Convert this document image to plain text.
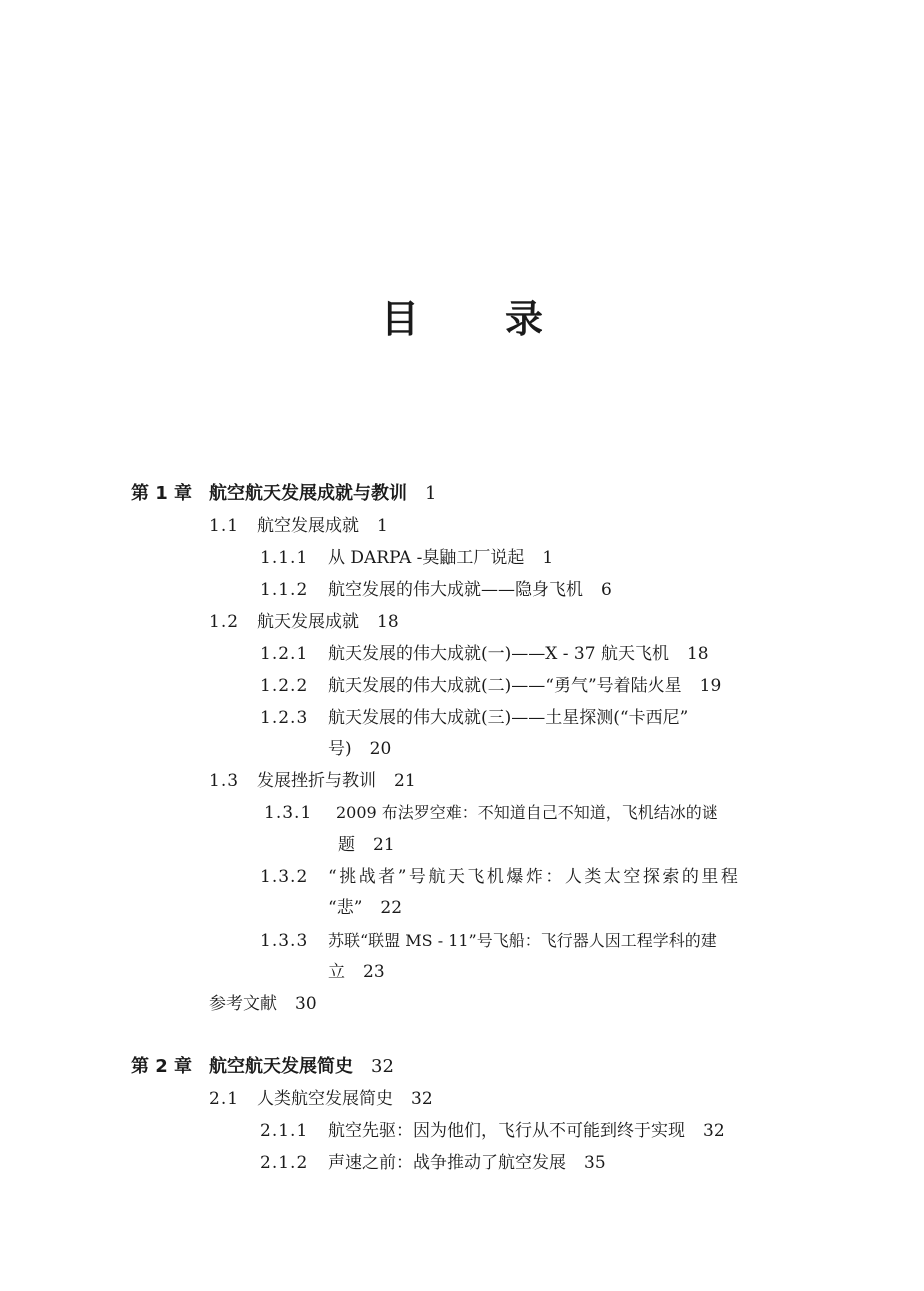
目 录
第 1 章 航空航天发展成就与教训 1
1.1 航空发展成就 1
1.1.1 从 DARPA -臭鼬工厂说起 1
1.1.2 航空发展的伟大成就——隐身飞机 6
1.2 航天发展成就 18
1.2.1 航天发展的伟大成就(一)——X - 37 航天飞机 18
1.2.2 航天发展的伟大成就(二)——“勇气”号着陆火星 19
1.2.3 航天发展的伟大成就(三)——土星探测(“卡西尼”
号) 20
1.3 发展挫折与教训 21
1.3.1 2009 布法罗空难：不知道自己不知道，飞机结冰的谜
题 21
1.3.2 “挑战者”号航天飞机爆炸：人类太空探索的里程
“悲” 22
1.3.3 苏联“联盟 MS - 11”号飞船：飞行器人因工程学科的建
立 23
参考文献 30
第 2 章 航空航天发展简史 32
2.1 人类航空发展简史 32
2.1.1 航空先驱：因为他们，飞行从不可能到终于实现 32
2.1.2 声速之前：战争推动了航空发展 35
